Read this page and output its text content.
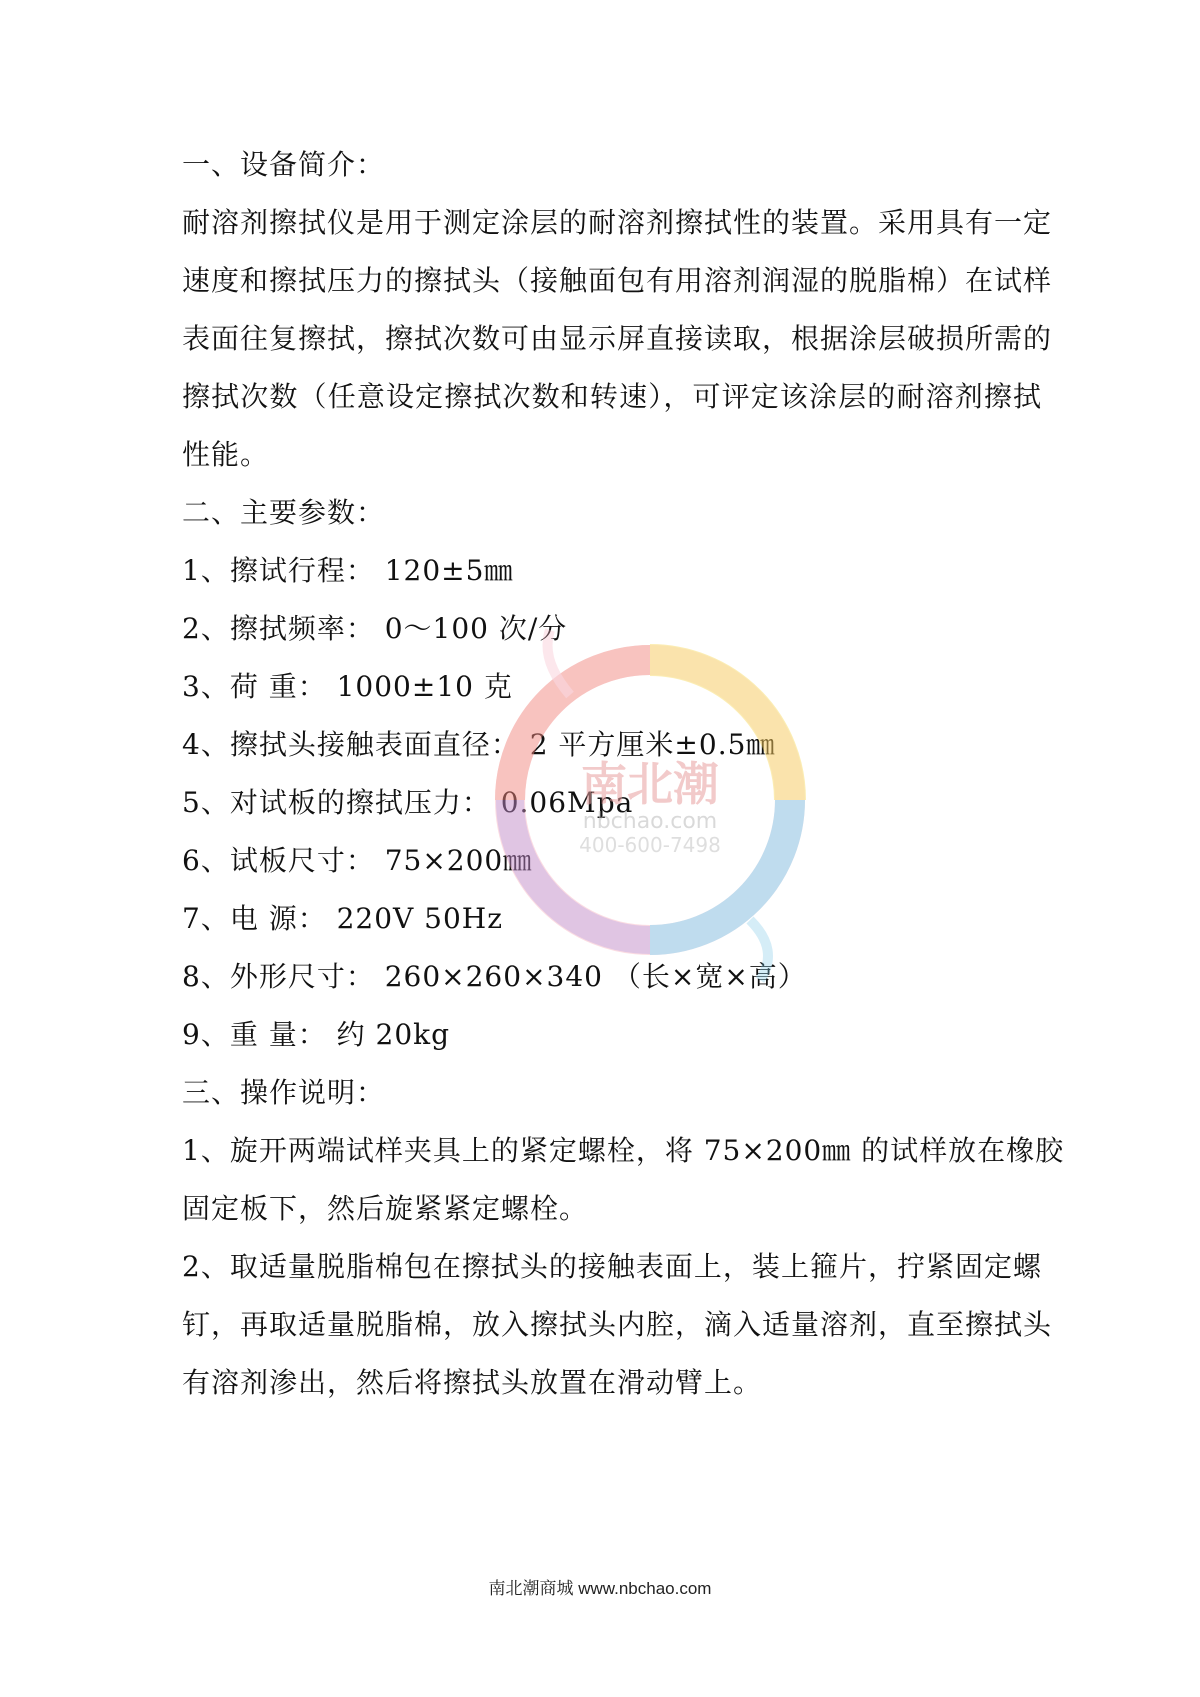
一、设备简介：
耐溶剂擦拭仪是用于测定涂层的耐溶剂擦拭性的装置。采用具有一定
速度和擦拭压力的擦拭头（接触面包有用溶剂润湿的脱脂棉）在试样
表面往复擦拭，擦拭次数可由显示屏直接读取，根据涂层破损所需的
擦拭次数（任意设定擦拭次数和转速），可评定该涂层的耐溶剂擦拭
性能。
二、主要参数：
1、擦试行程： 120±5㎜
2、擦拭频率： 0～100 次/分
3、荷 重： 1000±10 克
4、擦拭头接触表面直径： 2 平方厘米±0.5㎜
5、对试板的擦拭压力： 0.06Mpa
6、试板尺寸： 75×200㎜
7、电 源： 220V 50Hz
8、外形尺寸： 260×260×340 （长×宽×高）
9、重 量： 约 20kg
三、操作说明：
1、旋开两端试样夹具上的紧定螺栓，将 75×200㎜ 的试样放在橡胶
固定板下，然后旋紧紧定螺栓。
2、取适量脱脂棉包在擦拭头的接触表面上，装上箍片，拧紧固定螺
钉，再取适量脱脂棉，放入擦拭头内腔，滴入适量溶剂，直至擦拭头
有溶剂渗出，然后将擦拭头放置在滑动臂上。
南北潮
nbchao.com
400-600-7498
南北潮商城 www.nbchao.com
